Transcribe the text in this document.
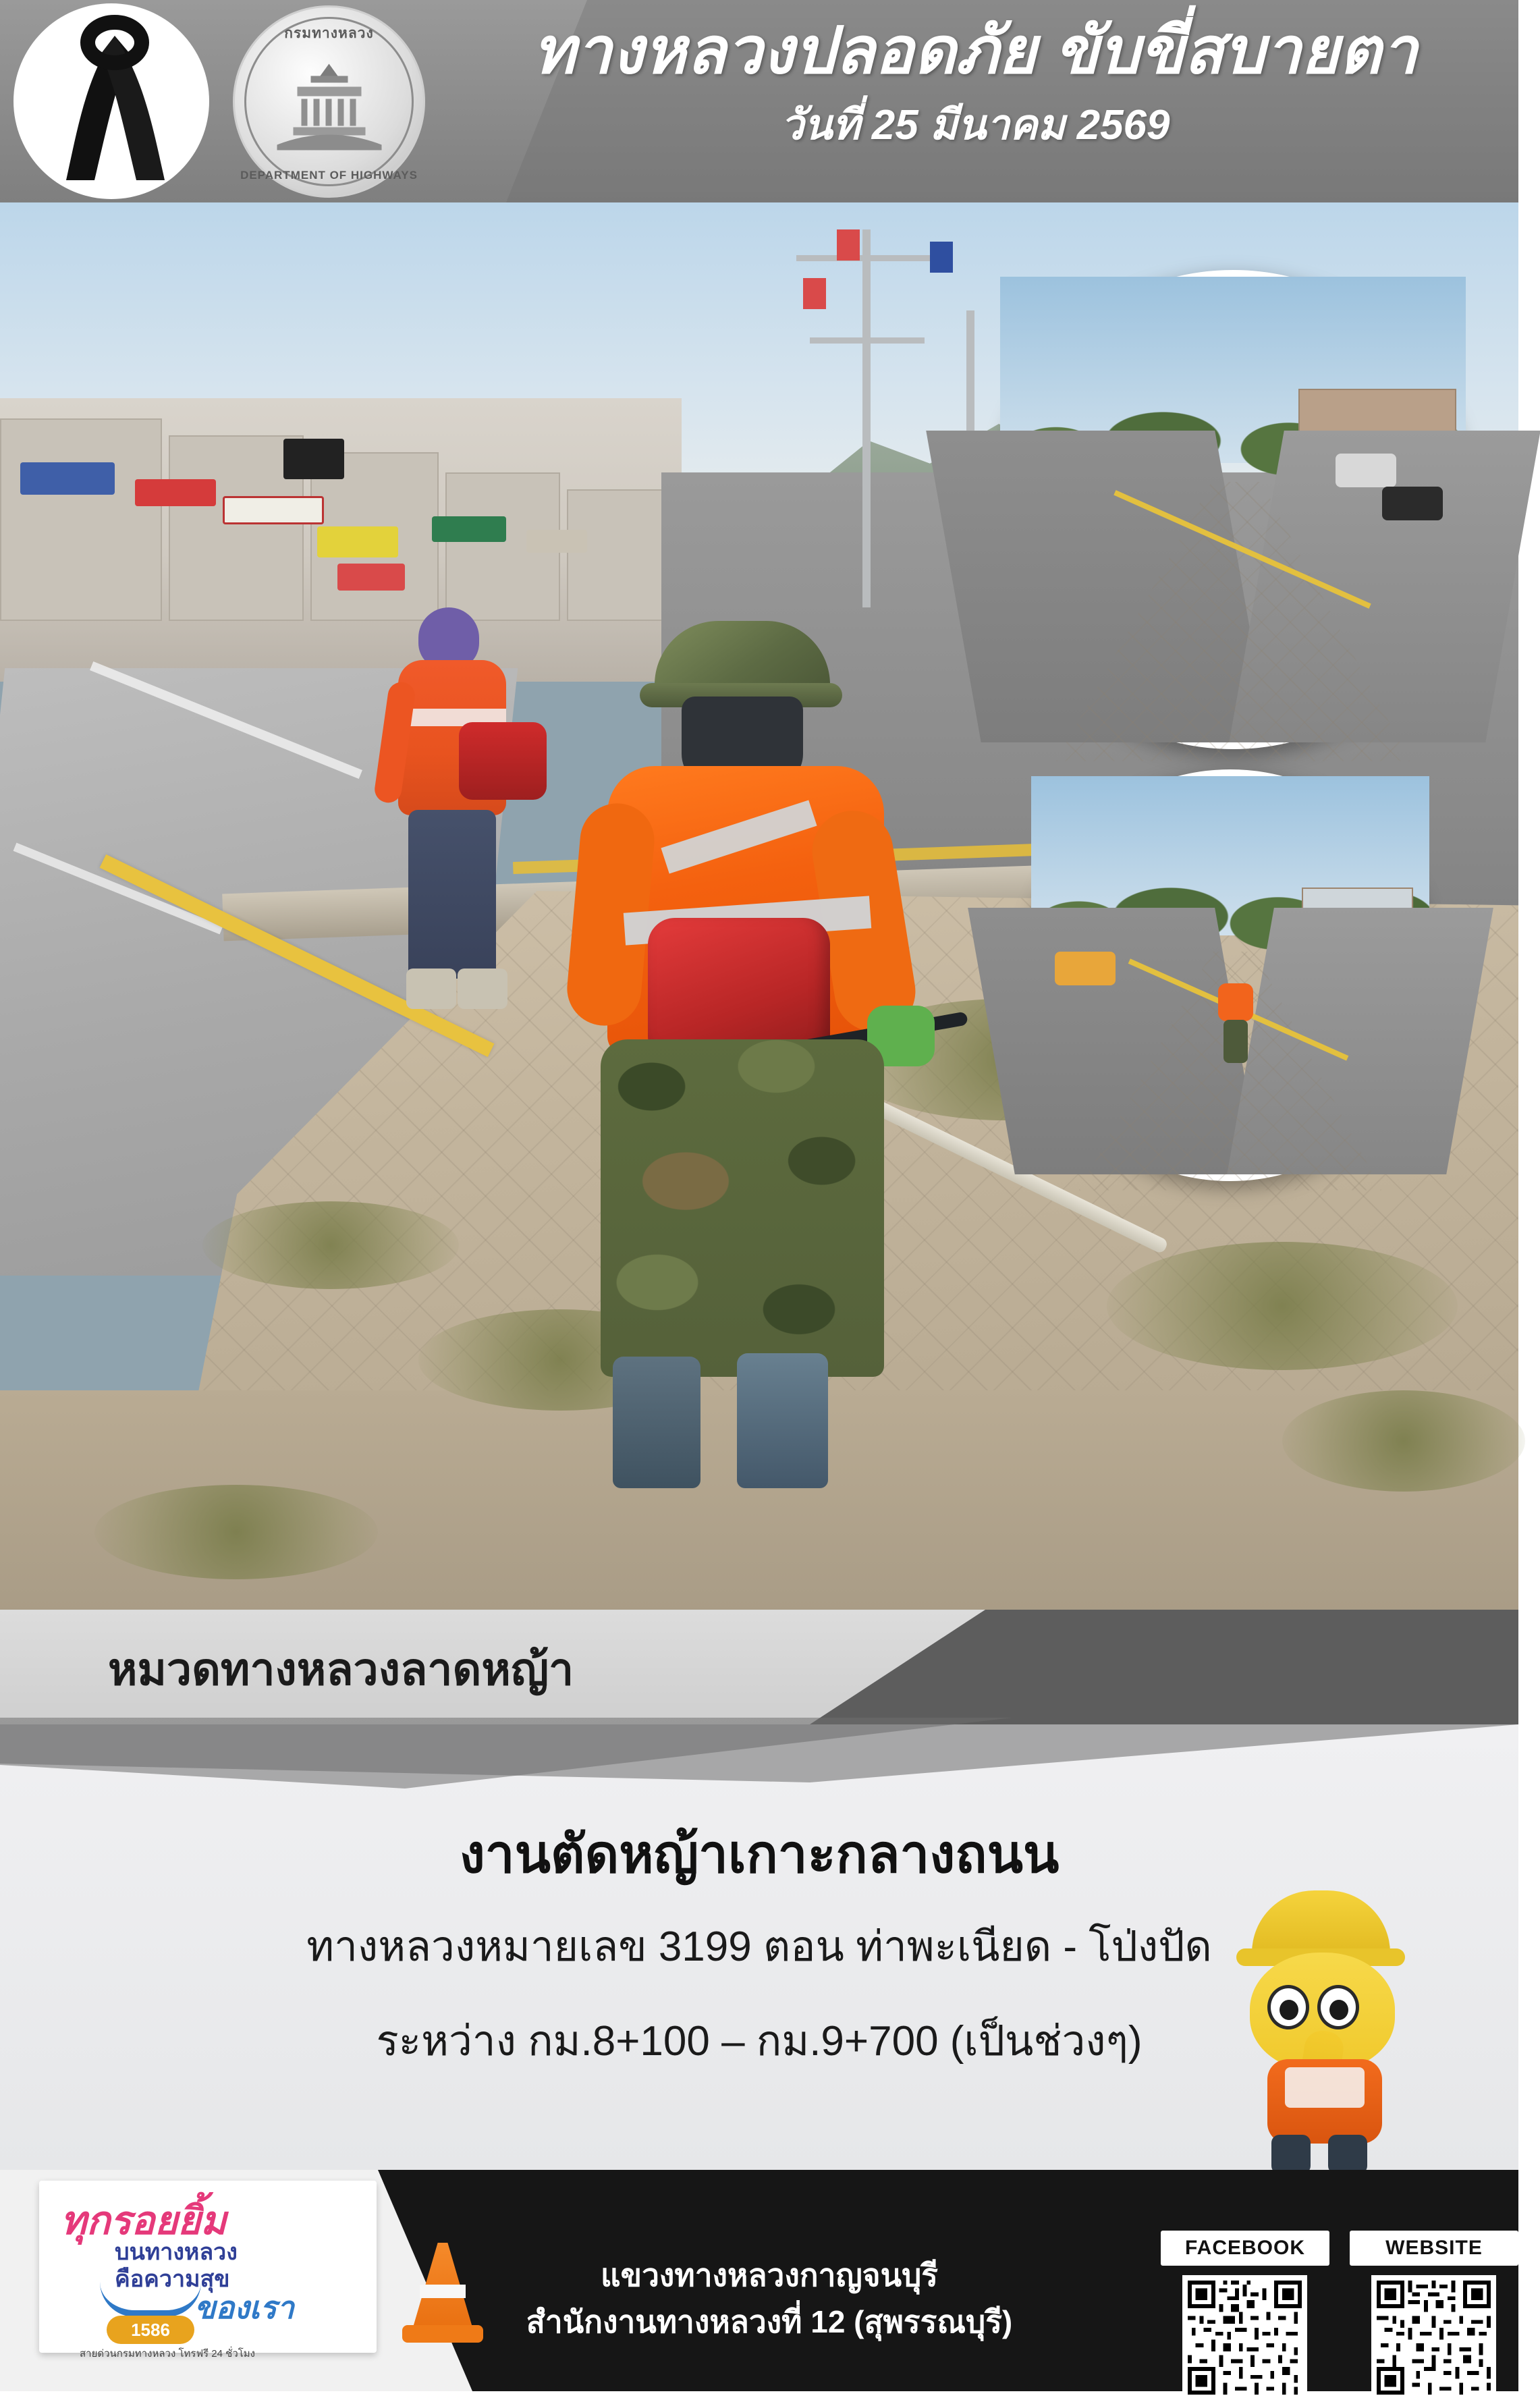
กรมทางหลวง
DEPARTMENT OF HIGHWAYS
ทางหลวงปลอดภัย ขับขี่สบายตา
วันที่ 25 มีนาคม 2569
หมวดทางหลวงลาดหญ้า
งานตัดหญ้าเกาะกลางถนน
ทางหลวงหมายเลข 3199 ตอน ท่าพะเนียด - โป่งปัด
ระหว่าง กม.8+100 – กม.9+700 (เป็นช่วงๆ)
ทุกรอยยิ้ม
บนทางหลวง
คือความสุข
ของเรา
1586
สายด่วนกรมทางหลวง โทรฟรี 24 ชั่วโมง
แขวงทางหลวงกาญจนบุรี
สำนักงานทางหลวงที่ 12 (สุพรรณบุรี)
FACEBOOK	WEBSITE
